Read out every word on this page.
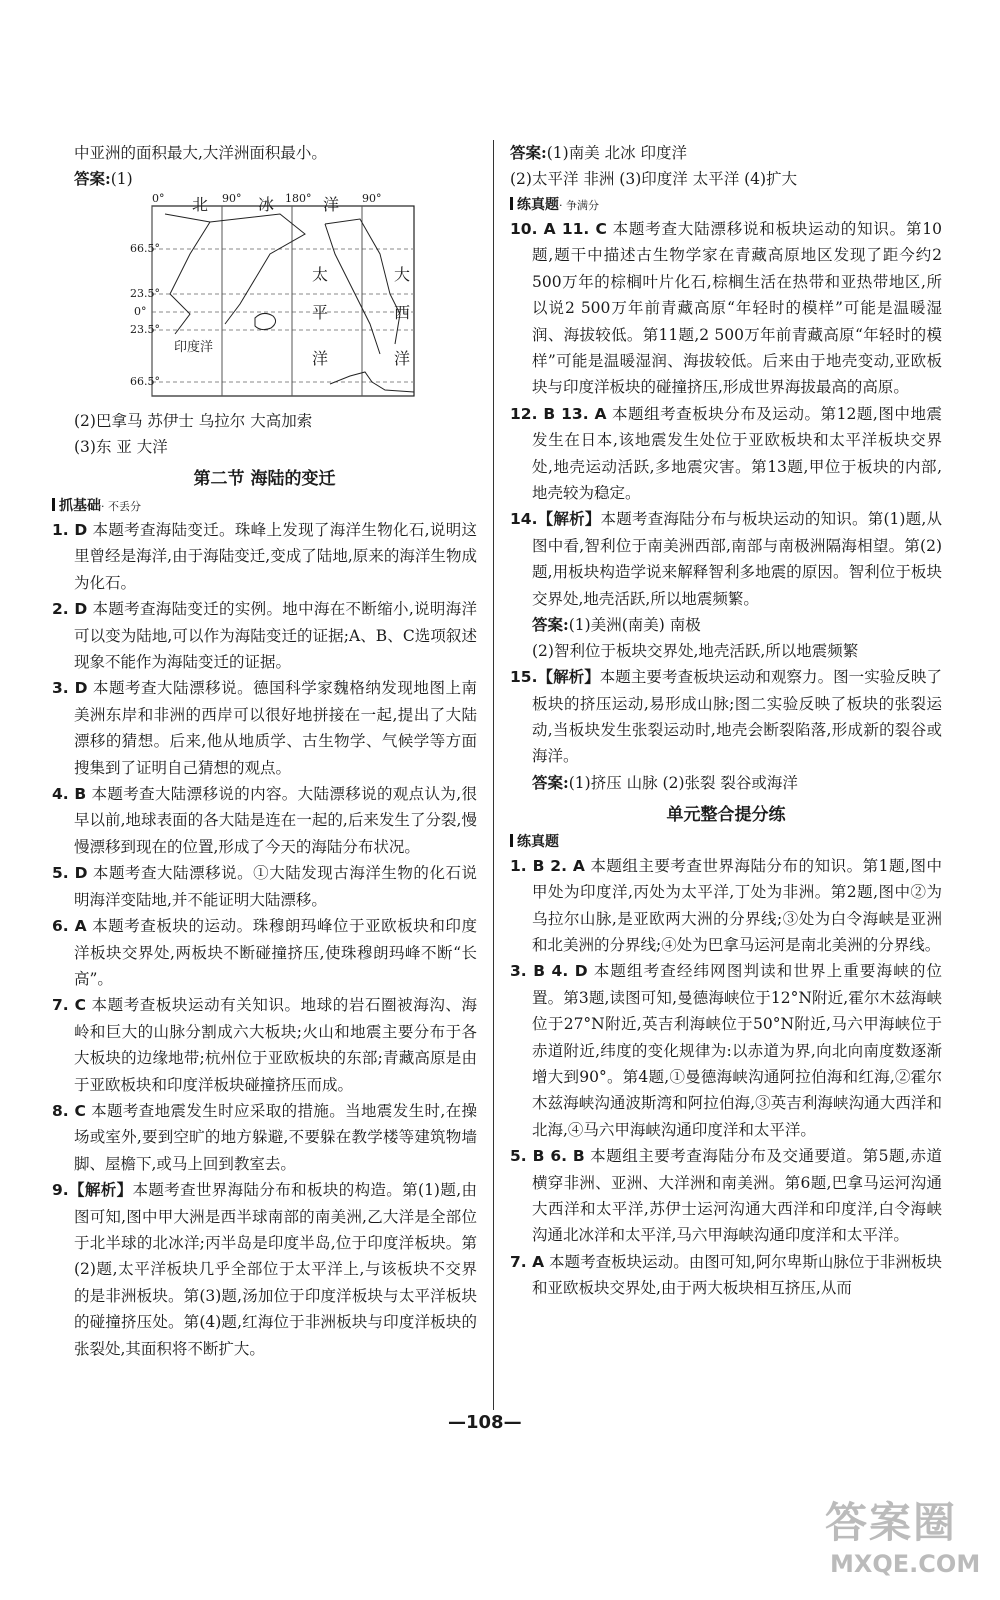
中亚洲的面积最大,大洋洲面积最小。

答案:(1)

0° 北 90° 冰 180° 洋 90°
66.5°
23.5°
0°
23.5°
66.5°
太
平
洋
大
西
洋
印度洋

(2)巴拿马 苏伊士 乌拉尔 大高加索

(3)东 亚 大洋

第二节 海陆的变迁
抓基础· 不丢分

1. D 本题考查海陆变迁。珠峰上发现了海洋生物化石,说明这里曾经是海洋,由于海陆变迁,变成了陆地,原来的海洋生物成为化石。

2. D 本题考查海陆变迁的实例。地中海在不断缩小,说明海洋可以变为陆地,可以作为海陆变迁的证据;A、B、C选项叙述现象不能作为海陆变迁的证据。

3. D 本题考查大陆漂移说。德国科学家魏格纳发现地图上南美洲东岸和非洲的西岸可以很好地拼接在一起,提出了大陆漂移的猜想。后来,他从地质学、古生物学、气候学等方面搜集到了证明自己猜想的观点。

4. B 本题考查大陆漂移说的内容。大陆漂移说的观点认为,很早以前,地球表面的各大陆是连在一起的,后来发生了分裂,慢慢漂移到现在的位置,形成了今天的海陆分布状况。

5. D 本题考查大陆漂移说。①大陆发现古海洋生物的化石说明海洋变陆地,并不能证明大陆漂移。

6. A 本题考查板块的运动。珠穆朗玛峰位于亚欧板块和印度洋板块交界处,两板块不断碰撞挤压,使珠穆朗玛峰不断“长高”。

7. C 本题考查板块运动有关知识。地球的岩石圈被海沟、海岭和巨大的山脉分割成六大板块;火山和地震主要分布于各大板块的边缘地带;杭州位于亚欧板块的东部;青藏高原是由于亚欧板块和印度洋板块碰撞挤压而成。

8. C 本题考查地震发生时应采取的措施。当地震发生时,在操场或室外,要到空旷的地方躲避,不要躲在教学楼等建筑物墙脚、屋檐下,或马上回到教室去。

9.【解析】本题考查世界海陆分布和板块的构造。第(1)题,由图可知,图中甲大洲是西半球南部的南美洲,乙大洋是全部位于北半球的北冰洋;丙半岛是印度半岛,位于印度洋板块。第(2)题,太平洋板块几乎全部位于太平洋上,与该板块不交界的是非洲板块。第(3)题,汤加位于印度洋板块与太平洋板块的碰撞挤压处。第(4)题,红海位于非洲板块与印度洋板块的张裂处,其面积将不断扩大。

答案:(1)南美 北冰 印度洋

(2)太平洋 非洲 (3)印度洋 太平洋 (4)扩大

练真题· 争满分

10. A 11. C 本题考查大陆漂移说和板块运动的知识。第10题,题干中描述古生物学家在青藏高原地区发现了距今约2 500万年的棕榈叶片化石,棕榈生活在热带和亚热带地区,所以说2 500万年前青藏高原“年轻时的模样”可能是温暖湿润、海拔较低。第11题,2 500万年前青藏高原“年轻时的模样”可能是温暖湿润、海拔较低。后来由于地壳变动,亚欧板块与印度洋板块的碰撞挤压,形成世界海拔最高的高原。

12. B 13. A 本题组考查板块分布及运动。第12题,图中地震发生在日本,该地震发生处位于亚欧板块和太平洋板块交界处,地壳运动活跃,多地震灾害。第13题,甲位于板块的内部,地壳较为稳定。

14.【解析】本题考查海陆分布与板块运动的知识。第(1)题,从图中看,智利位于南美洲西部,南部与南极洲隔海相望。第(2)题,用板块构造学说来解释智利多地震的原因。智利位于板块交界处,地壳活跃,所以地震频繁。

答案:(1)美洲(南美) 南极

(2)智利位于板块交界处,地壳活跃,所以地震频繁

15.【解析】本题主要考查板块运动和观察力。图一实验反映了板块的挤压运动,易形成山脉;图二实验反映了板块的张裂运动,当板块发生张裂运动时,地壳会断裂陷落,形成新的裂谷或海洋。

答案:(1)挤压 山脉 (2)张裂 裂谷或海洋

单元整合提分练
练真题

1. B 2. A 本题组主要考查世界海陆分布的知识。第1题,图中甲处为印度洋,丙处为太平洋,丁处为非洲。第2题,图中②为乌拉尔山脉,是亚欧两大洲的分界线;③处为白令海峡是亚洲和北美洲的分界线;④处为巴拿马运河是南北美洲的分界线。

3. B 4. D 本题组考查经纬网图判读和世界上重要海峡的位置。第3题,读图可知,曼德海峡位于12°N附近,霍尔木兹海峡位于27°N附近,英吉利海峡位于50°N附近,马六甲海峡位于赤道附近,纬度的变化规律为:以赤道为界,向北向南度数逐渐增大到90°。第4题,①曼德海峡沟通阿拉伯海和红海,②霍尔木兹海峡沟通波斯湾和阿拉伯海,③英吉利海峡沟通大西洋和北海,④马六甲海峡沟通印度洋和太平洋。

5. B 6. B 本题组主要考查海陆分布及交通要道。第5题,赤道横穿非洲、亚洲、大洋洲和南美洲。第6题,巴拿马运河沟通大西洋和太平洋,苏伊士运河沟通大西洋和印度洋,白令海峡沟通北冰洋和太平洋,马六甲海峡沟通印度洋和太平洋。

7. A 本题考查板块运动。由图可知,阿尔卑斯山脉位于非洲板块和亚欧板块交界处,由于两大板块相互挤压,从而

—108—
答案圈
MXQE.COM
